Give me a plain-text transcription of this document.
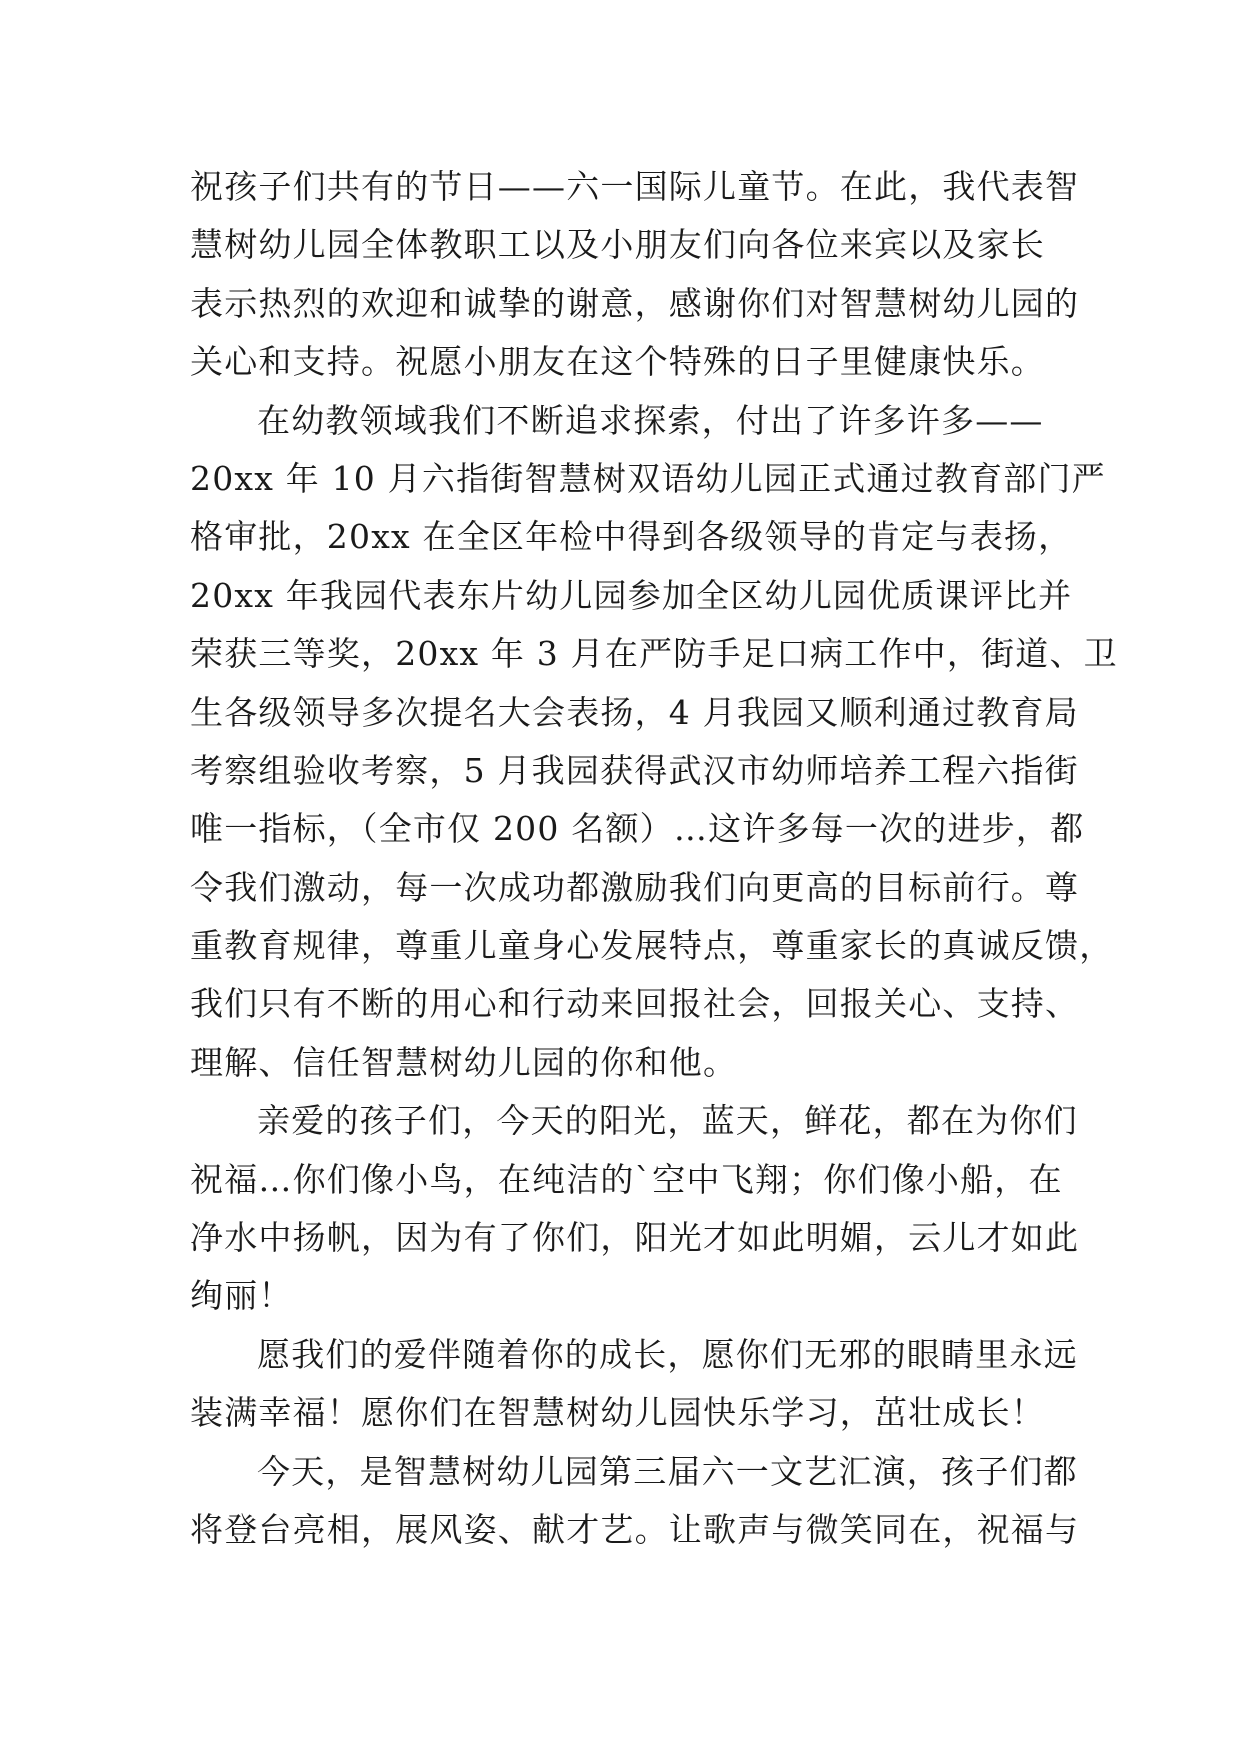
祝孩子们共有的节日——六一国际儿童节。在此，我代表智
慧树幼儿园全体教职工以及小朋友们向各位来宾以及家长
表示热烈的欢迎和诚挚的谢意，感谢你们对智慧树幼儿园的
关心和支持。祝愿小朋友在这个特殊的日子里健康快乐。
在幼教领域我们不断追求探索，付出了许多许多——
20xx 年 10 月六指街智慧树双语幼儿园正式通过教育部门严
格审批，20xx 在全区年检中得到各级领导的肯定与表扬，
20xx 年我园代表东片幼儿园参加全区幼儿园优质课评比并
荣获三等奖，20xx 年 3 月在严防手足口病工作中，街道、卫
生各级领导多次提名大会表扬，4 月我园又顺利通过教育局
考察组验收考察，5 月我园获得武汉市幼师培养工程六指街
唯一指标，（全市仅 200 名额）…这许多每一次的进步，都
令我们激动，每一次成功都激励我们向更高的目标前行。尊
重教育规律，尊重儿童身心发展特点，尊重家长的真诚反馈，
我们只有不断的用心和行动来回报社会，回报关心、支持、
理解、信任智慧树幼儿园的你和他。
亲爱的孩子们，今天的阳光，蓝天，鲜花，都在为你们
祝福…你们像小鸟，在纯洁的`空中飞翔；你们像小船，在
净水中扬帆，因为有了你们，阳光才如此明媚，云儿才如此
绚丽！
愿我们的爱伴随着你的成长，愿你们无邪的眼睛里永远
装满幸福！愿你们在智慧树幼儿园快乐学习，茁壮成长！
今天，是智慧树幼儿园第三届六一文艺汇演，孩子们都
将登台亮相，展风姿、献才艺。让歌声与微笑同在，祝福与
